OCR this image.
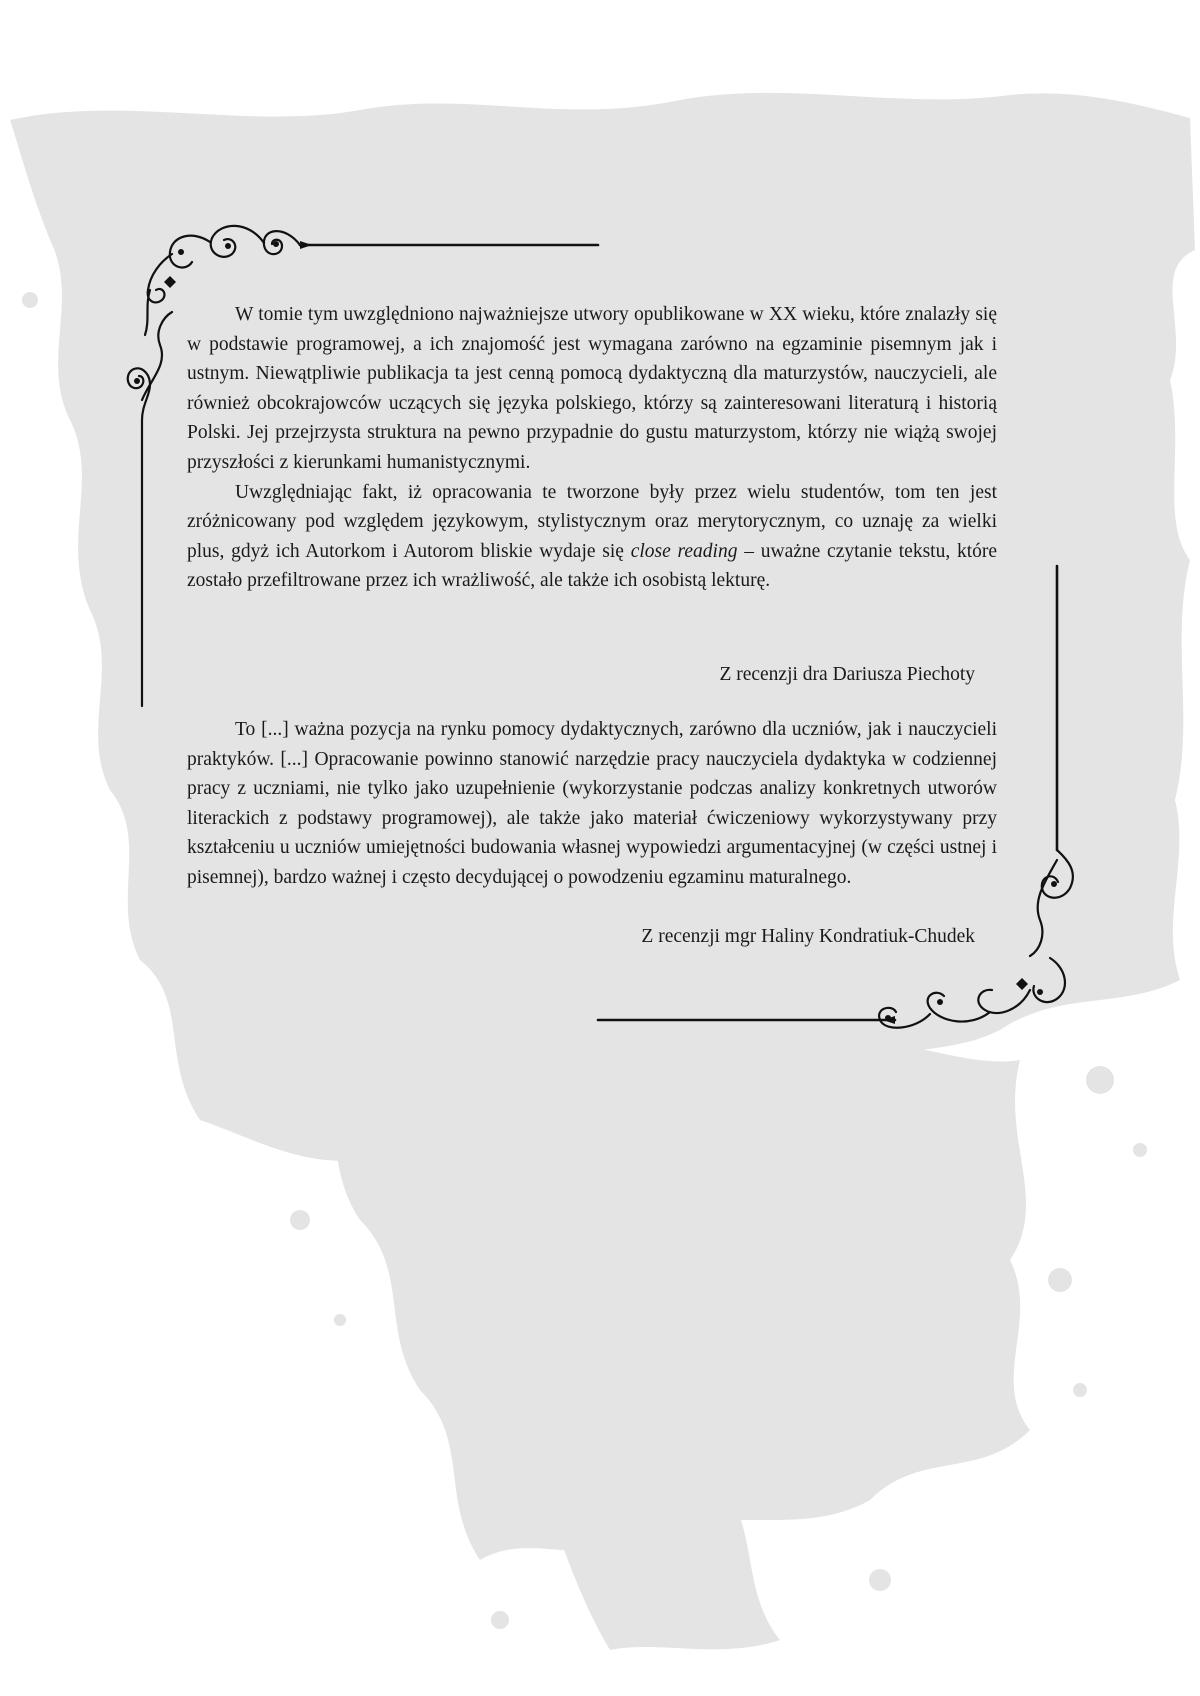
W tomie tym uwzględniono najważniejsze utwory opublikowane w XX wieku, które znalazły się w podstawie programowej, a ich znajomość jest wymagana zarówno na egzaminie pisemnym jak i ustnym. Niewątpliwie publikacja ta jest cenną pomocą dydaktyczną dla maturzystów, nauczycieli, ale również obcokrajowców uczących się języka polskiego, którzy są zainteresowani literaturą i historią Polski. Jej przejrzysta struktura na pewno przypadnie do gustu maturzystom, którzy nie wiążą swojej przyszłości z kierunkami humanistycznymi.

Uwzględniając fakt, iż opracowania te tworzone były przez wielu studentów, tom ten jest zróżnicowany pod względem językowym, stylistycznym oraz merytorycznym, co uznaję za wielki plus, gdyż ich Autorkom i Autorom bliskie wydaje się close reading – uważne czytanie tekstu, które zostało przefiltrowane przez ich wrażliwość, ale także ich osobistą lekturę.

Z recenzji dra Dariusza Piechoty

To [...] ważna pozycja na rynku pomocy dydaktycznych, zarówno dla uczniów, jak i nauczycieli praktyków. [...] Opracowanie powinno stanowić narzędzie pracy nauczyciela dydaktyka w codziennej pracy z uczniami, nie tylko jako uzupełnienie (wykorzystanie podczas analizy konkretnych utworów literackich z podstawy programowej), ale także jako materiał ćwiczeniowy wykorzystywany przy kształceniu u uczniów umiejętności budowania własnej wypowiedzi argumentacyjnej (w części ustnej i pisemnej), bardzo ważnej i często decydującej o powodzeniu egzaminu maturalnego.

Z recenzji mgr Haliny Kondratiuk-Chudek
